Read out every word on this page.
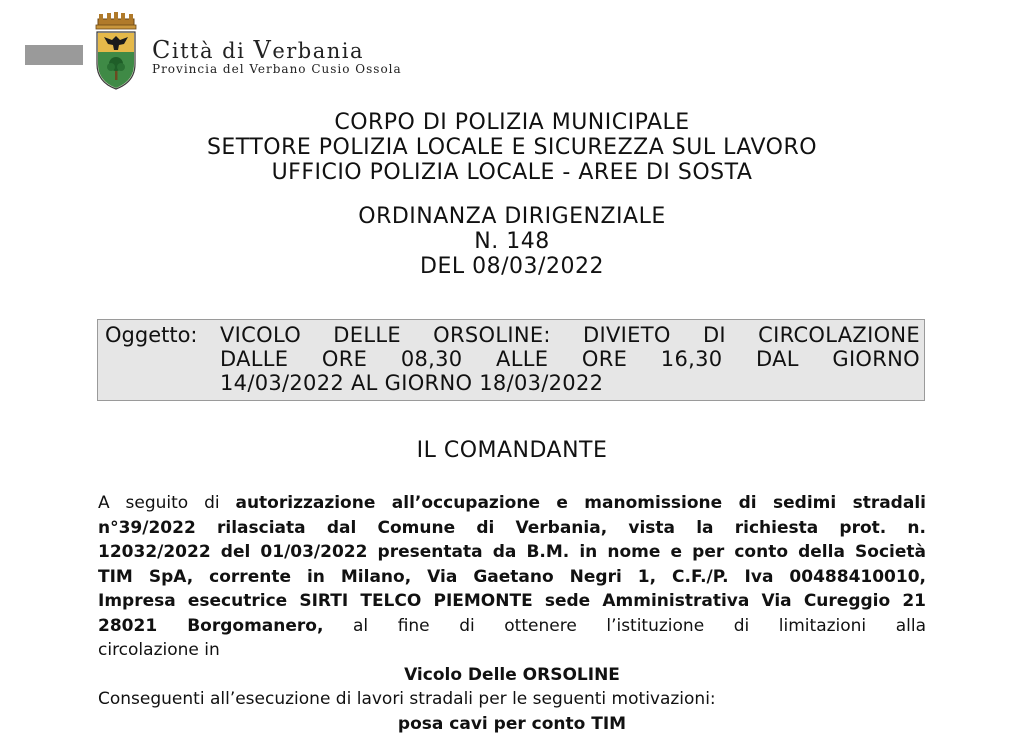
Città di Verbania
Provincia del Verbano Cusio Ossola
CORPO DI POLIZIA MUNICIPALE
SETTORE POLIZIA LOCALE E SICUREZZA SUL LAVORO
UFFICIO POLIZIA LOCALE - AREE DI SOSTA
ORDINANZA DIRIGENZIALE
N. 148
DEL 08/03/2022
Oggetto: VICOLO DELLE ORSOLINE: DIVIETO DI CIRCOLAZIONE
DALLE ORE 08,30 ALLE ORE 16,30 DAL GIORNO
14/03/2022 AL GIORNO 18/03/2022
IL COMANDANTE
A seguito di autorizzazione all’occupazione e manomissione di sedimi stradali
n°39/2022 rilasciata dal Comune di Verbania, vista la richiesta prot. n.
12032/2022 del 01/03/2022 presentata da B.M. in nome e per conto della Società
TIM SpA, corrente in Milano, Via Gaetano Negri 1, C.F./P. Iva 00488410010,
Impresa esecutrice SIRTI TELCO PIEMONTE sede Amministrativa Via Cureggio 21
28021 Borgomanero, al fine di ottenere l’istituzione di limitazioni alla
circolazione in
Vicolo Delle ORSOLINE
Conseguenti all’esecuzione di lavori stradali per le seguenti motivazioni:
posa cavi per conto TIM
